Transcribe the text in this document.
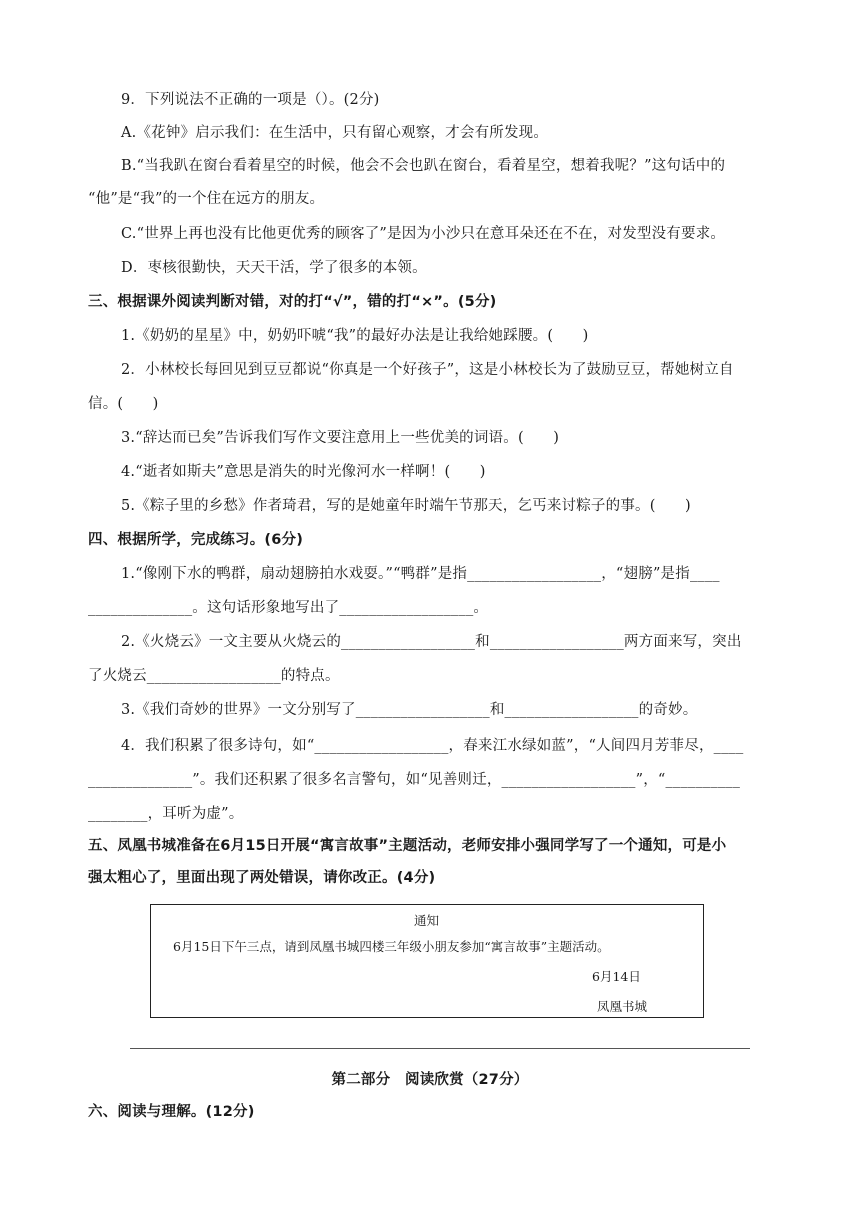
9．下列说法不正确的一项是（）。(2分)
A.《花钟》启示我们：在生活中，只有留心观察，才会有所发现。
B.“当我趴在窗台看着星空的时候，他会不会也趴在窗台，看着星空，想着我呢？”这句话中的
“他”是“我”的一个住在远方的朋友。
C.“世界上再也没有比他更优秀的顾客了”是因为小沙只在意耳朵还在不在，对发型没有要求。
D．枣核很勤快，天天干活，学了很多的本领。
三、根据课外阅读判断对错，对的打“√”，错的打“×”。(5分)
1.《奶奶的星星》中，奶奶吓唬“我”的最好办法是让我给她踩腰。(　　)
2．小林校长每回见到豆豆都说“你真是一个好孩子”，这是小林校长为了鼓励豆豆，帮她树立自
信。(　　)
3.“辞达而已矣”告诉我们写作文要注意用上一些优美的词语。(　　)
4.“逝者如斯夫”意思是消失的时光像河水一样啊！(　　)
5.《粽子里的乡愁》作者琦君，写的是她童年时端午节那天，乞丐来讨粽子的事。(　　)
四、根据所学，完成练习。(6分)
1.“像刚下水的鸭群，扇动翅膀拍水戏耍。”“鸭群”是指__________________，“翅膀”是指____
______________。这句话形象地写出了__________________。
2.《火烧云》一文主要从火烧云的__________________和__________________两方面来写，突出
了火烧云__________________的特点。
3.《我们奇妙的世界》一文分别写了__________________和__________________的奇妙。
4．我们积累了很多诗句，如“__________________，春来江水绿如蓝”，“人间四月芳菲尽，____
______________”。我们还积累了很多名言警句，如“见善则迁，__________________”，“__________
________，耳听为虚”。
五、凤凰书城准备在6月15日开展“寓言故事”主题活动，老师安排小强同学写了一个通知，可是小
强太粗心了，里面出现了两处错误，请你改正。(4分)
通知
6月15日下午三点，请到凤凰书城四楼三年级小朋友参加“寓言故事”主题活动。
6月14日
凤凰书城
第二部分　阅读欣赏（27分）
六、阅读与理解。(12分)
